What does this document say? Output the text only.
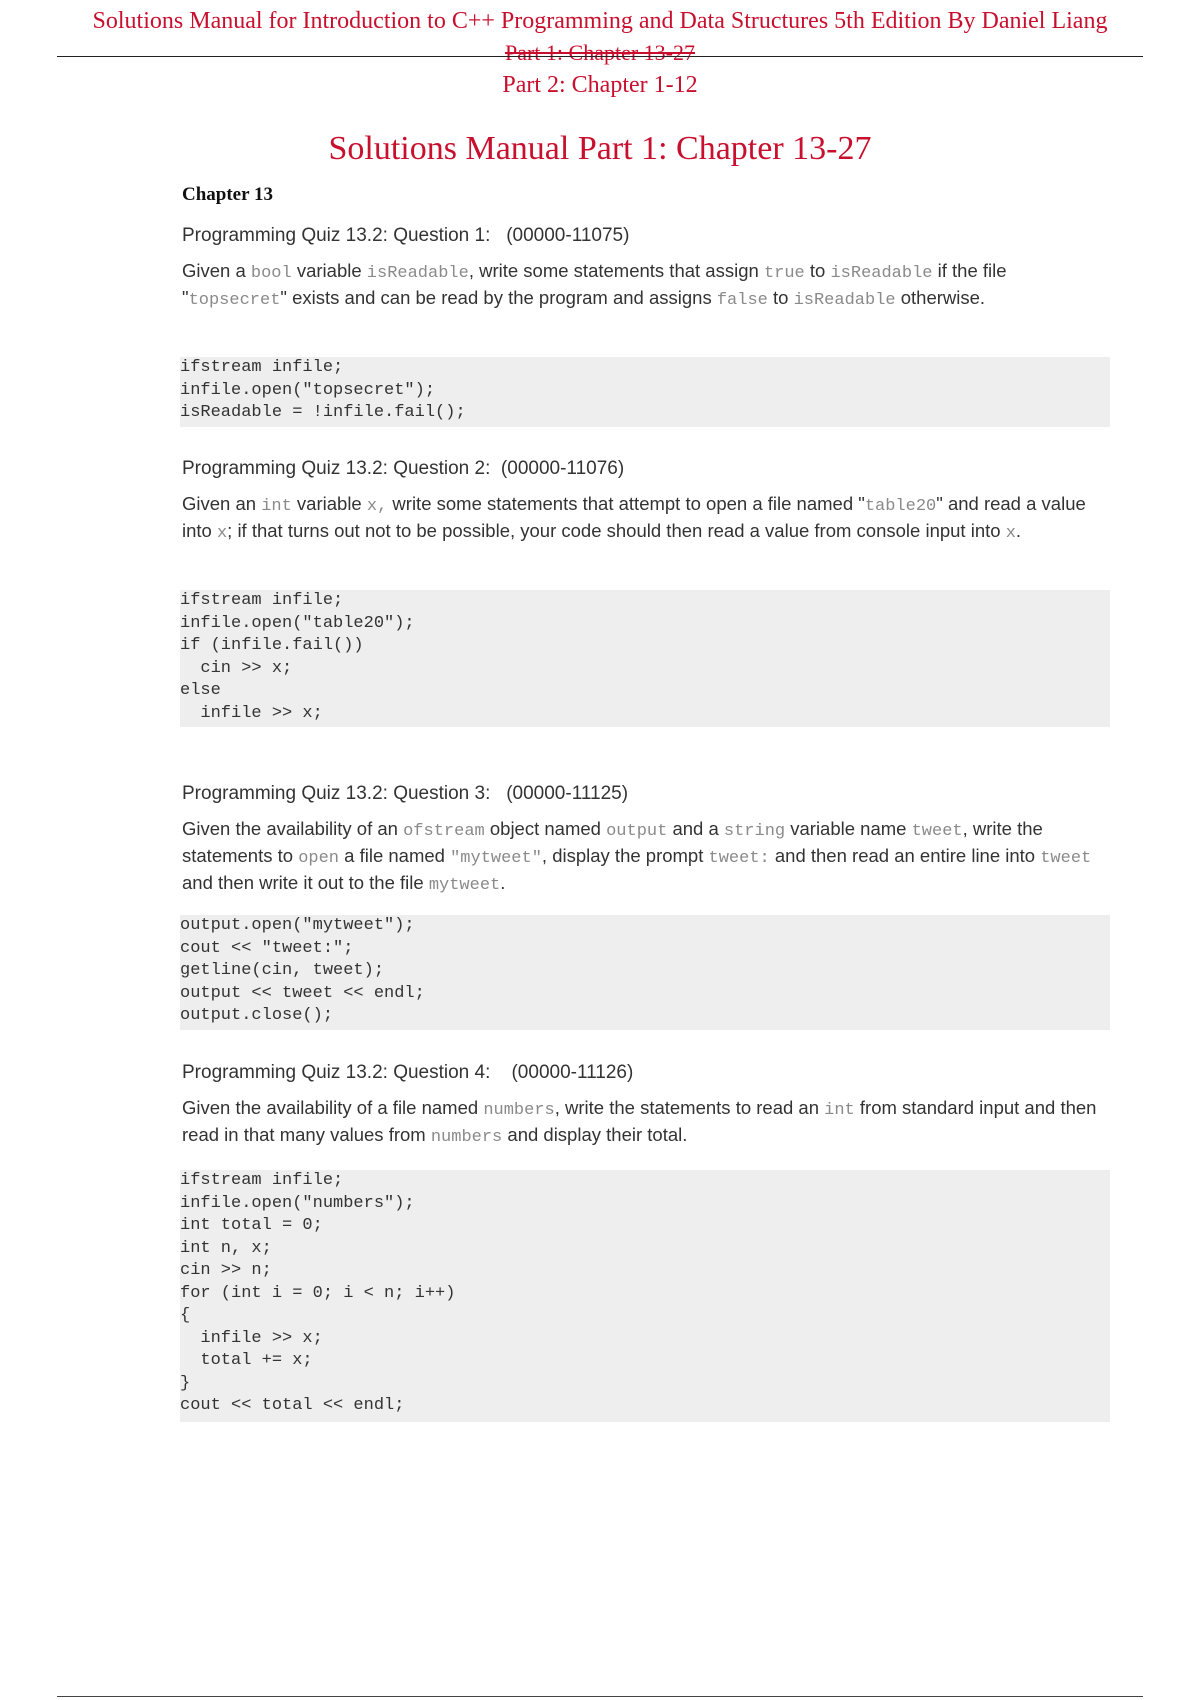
Solutions Manual for Introduction to C++ Programming and Data Structures 5th Edition By Daniel Liang
Part 1: Chapter 13-27
Part 2: Chapter 1-12
Solutions Manual Part 1: Chapter 13-27
Chapter 13
Programming Quiz 13.2: Question 1:   (00000-11075)
Given a bool variable isReadable, write some statements that assign true to isReadable if the file "topsecret" exists and can be read by the program and assigns false to isReadable otherwise.
ifstream infile;
infile.open("topsecret");
isReadable = !infile.fail();
Programming Quiz 13.2: Question 2:  (00000-11076)
Given an int variable x, write some statements that attempt to open a file named "table20" and read a value into x; if that turns out not to be possible, your code should then read a value from console input into x.
ifstream infile;
infile.open("table20");
if (infile.fail())
cin >> x;
else
infile >> x;
Programming Quiz 13.2: Question 3:   (00000-11125)
Given the availability of an ofstream object named output and a string variable name tweet, write the statements to open a file named "mytweet", display the prompt tweet: and then read an entire line into tweet and then write it out to the file mytweet.
output.open("mytweet");
cout << "tweet:";
getline(cin, tweet);
output << tweet << endl;
output.close();
Programming Quiz 13.2: Question 4:    (00000-11126)
Given the availability of a file named numbers, write the statements to read an int from standard input and then read in that many values from numbers and display their total.
ifstream infile;
infile.open("numbers");
int total = 0;
int n, x;
cin >> n;
for (int i = 0; i < n; i++)
{
infile >> x;
total += x;
}
cout << total << endl;
